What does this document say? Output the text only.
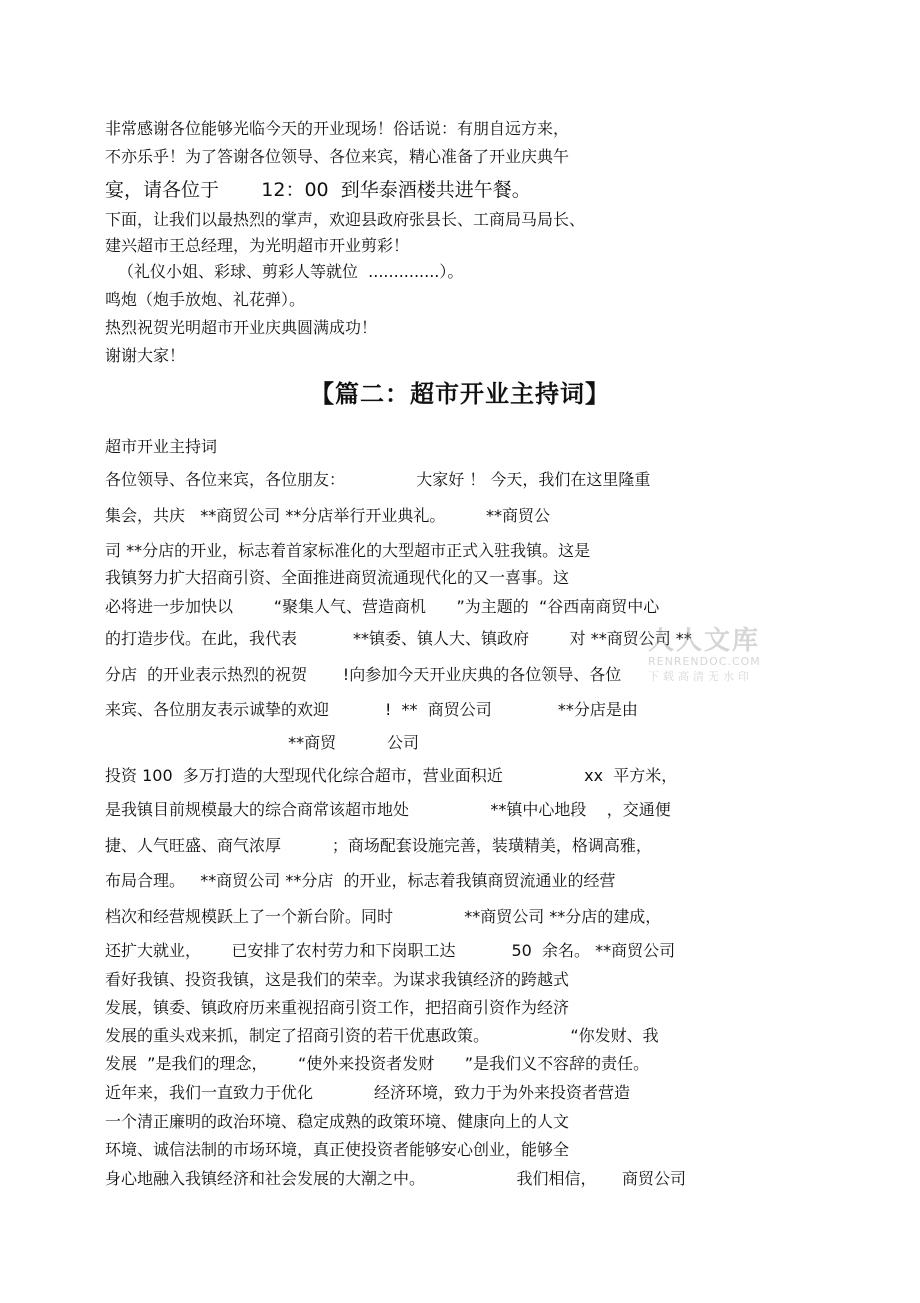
非常感谢各位能够光临今天的开业现场！俗话说：有朋自远方来，

不亦乐乎！为了答谢各位领导、各位来宾，精心准备了开业庆典午

宴，请各位于       12：00  到华泰酒楼共进午餐。

下面，让我们以最热烈的掌声，欢迎县政府张县长、工商局马局长、

建兴超市王总经理，为光明超市开业剪彩！

（礼仪小姐、彩球、剪彩人等就位  ..............）。

鸣炮（炮手放炮、礼花弹）。

热烈祝贺光明超市开业庆典圆满成功！

谢谢大家！

【篇二：超市开业主持词】
超市开业主持词

各位领导、各位来宾，各位朋友：              大家好 ！ 今天，我们在这里隆重

集会，共庆   **商贸公司 **分店举行开业典礼。        **商贸公

司 **分店的开业，标志着首家标准化的大型超市正式入驻我镇。这是

我镇努力扩大招商引资、全面推进商贸流通现代化的又一喜事。这

必将进一步加快以        “聚集人气、营造商机      ”为主题的  “谷西南商贸中心

的打造步伐。在此，我代表           **镇委、镇人大、镇政府        对 **商贸公司 **

分店  的开业表示热烈的祝贺       !向参加今天开业庆典的各位领导、各位

来宾、各位朋友表示诚挚的欢迎           !  **  商贸公司             **分店是由

**商贸          公司

投资 100  多万打造的大型现代化综合超市，营业面积近                xx  平方米，

是我镇目前规模最大的综合商常该超市地处                **镇中心地段    ，交通便

捷、人气旺盛、商气浓厚          ；商场配套设施完善，装璜精美，格调高雅，

布局合理。   **商贸公司 **分店  的开业，标志着我镇商贸流通业的经营

档次和经营规模跃上了一个新台阶。同时              **商贸公司 **分店的建成，

还扩大就业，      已安排了农村劳力和下岗职工达           50  余名。 **商贸公司

看好我镇、投资我镇，这是我们的荣幸。为谋求我镇经济的跨越式

发展，镇委、镇政府历来重视招商引资工作，把招商引资作为经济

发展的重头戏来抓，制定了招商引资的若干优惠政策。                “你发财、我

发展  ”是我们的理念，      “使外来投资者发财      ”是我们义不容辞的责任。

近年来，我们一直致力于优化            经济环境，致力于为外来投资者营造

一个清正廉明的政治环境、稳定成熟的政策环境、健康向上的人文

环境、诚信法制的市场环境，真正使投资者能够安心创业，能够全

身心地融入我镇经济和社会发展的大潮之中。                  我们相信，     商贸公司

人人文库
RENRENDOC.COM
下载高清无水印
